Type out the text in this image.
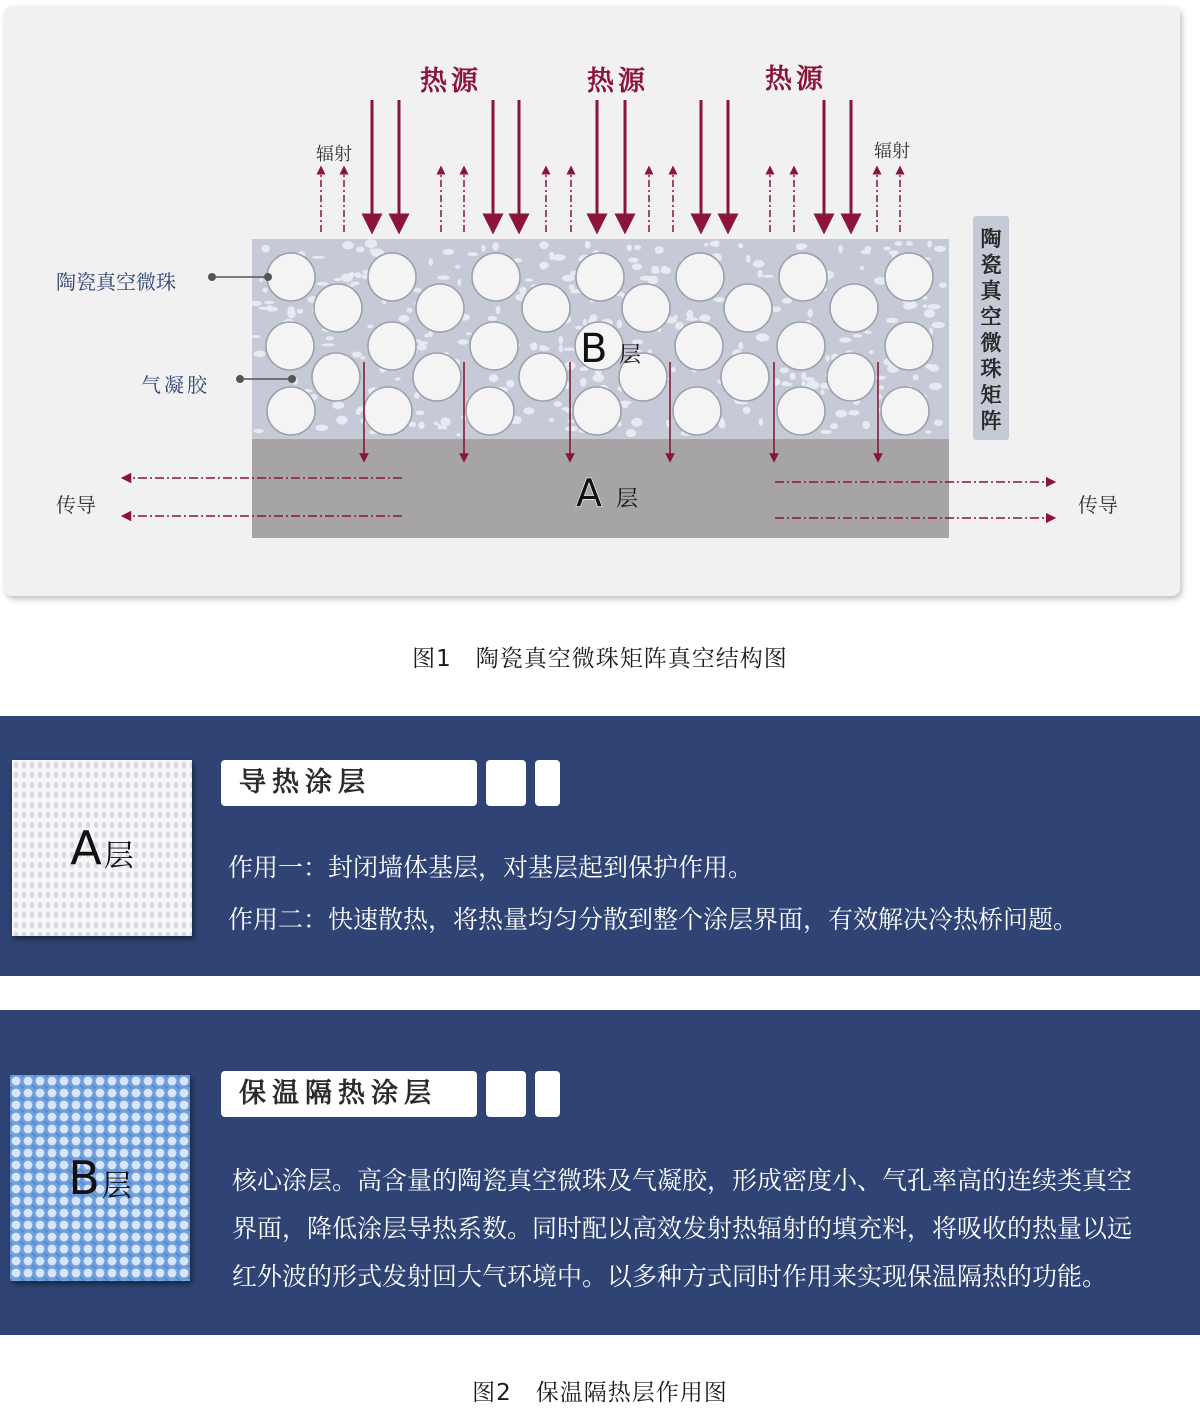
热源	热源	热源
辐射	辐射
陶瓷真空微珠
气凝胶
B 层
A 层
传导	传导
陶瓷真空微珠矩阵
图1　陶瓷真空微珠矩阵真空结构图
A 层
导热涂层
作用一：封闭墙体基层，对基层起到保护作用。
作用二：快速散热，将热量均匀分散到整个涂层界面，有效解决冷热桥问题。
B 层
保温隔热涂层
核心涂层。高含量的陶瓷真空微珠及气凝胶，形成密度小、气孔率高的连续类真空
界面，降低涂层导热系数。同时配以高效发射热辐射的填充料，将吸收的热量以远
红外波的形式发射回大气环境中。以多种方式同时作用来实现保温隔热的功能。
图2　保温隔热层作用图
